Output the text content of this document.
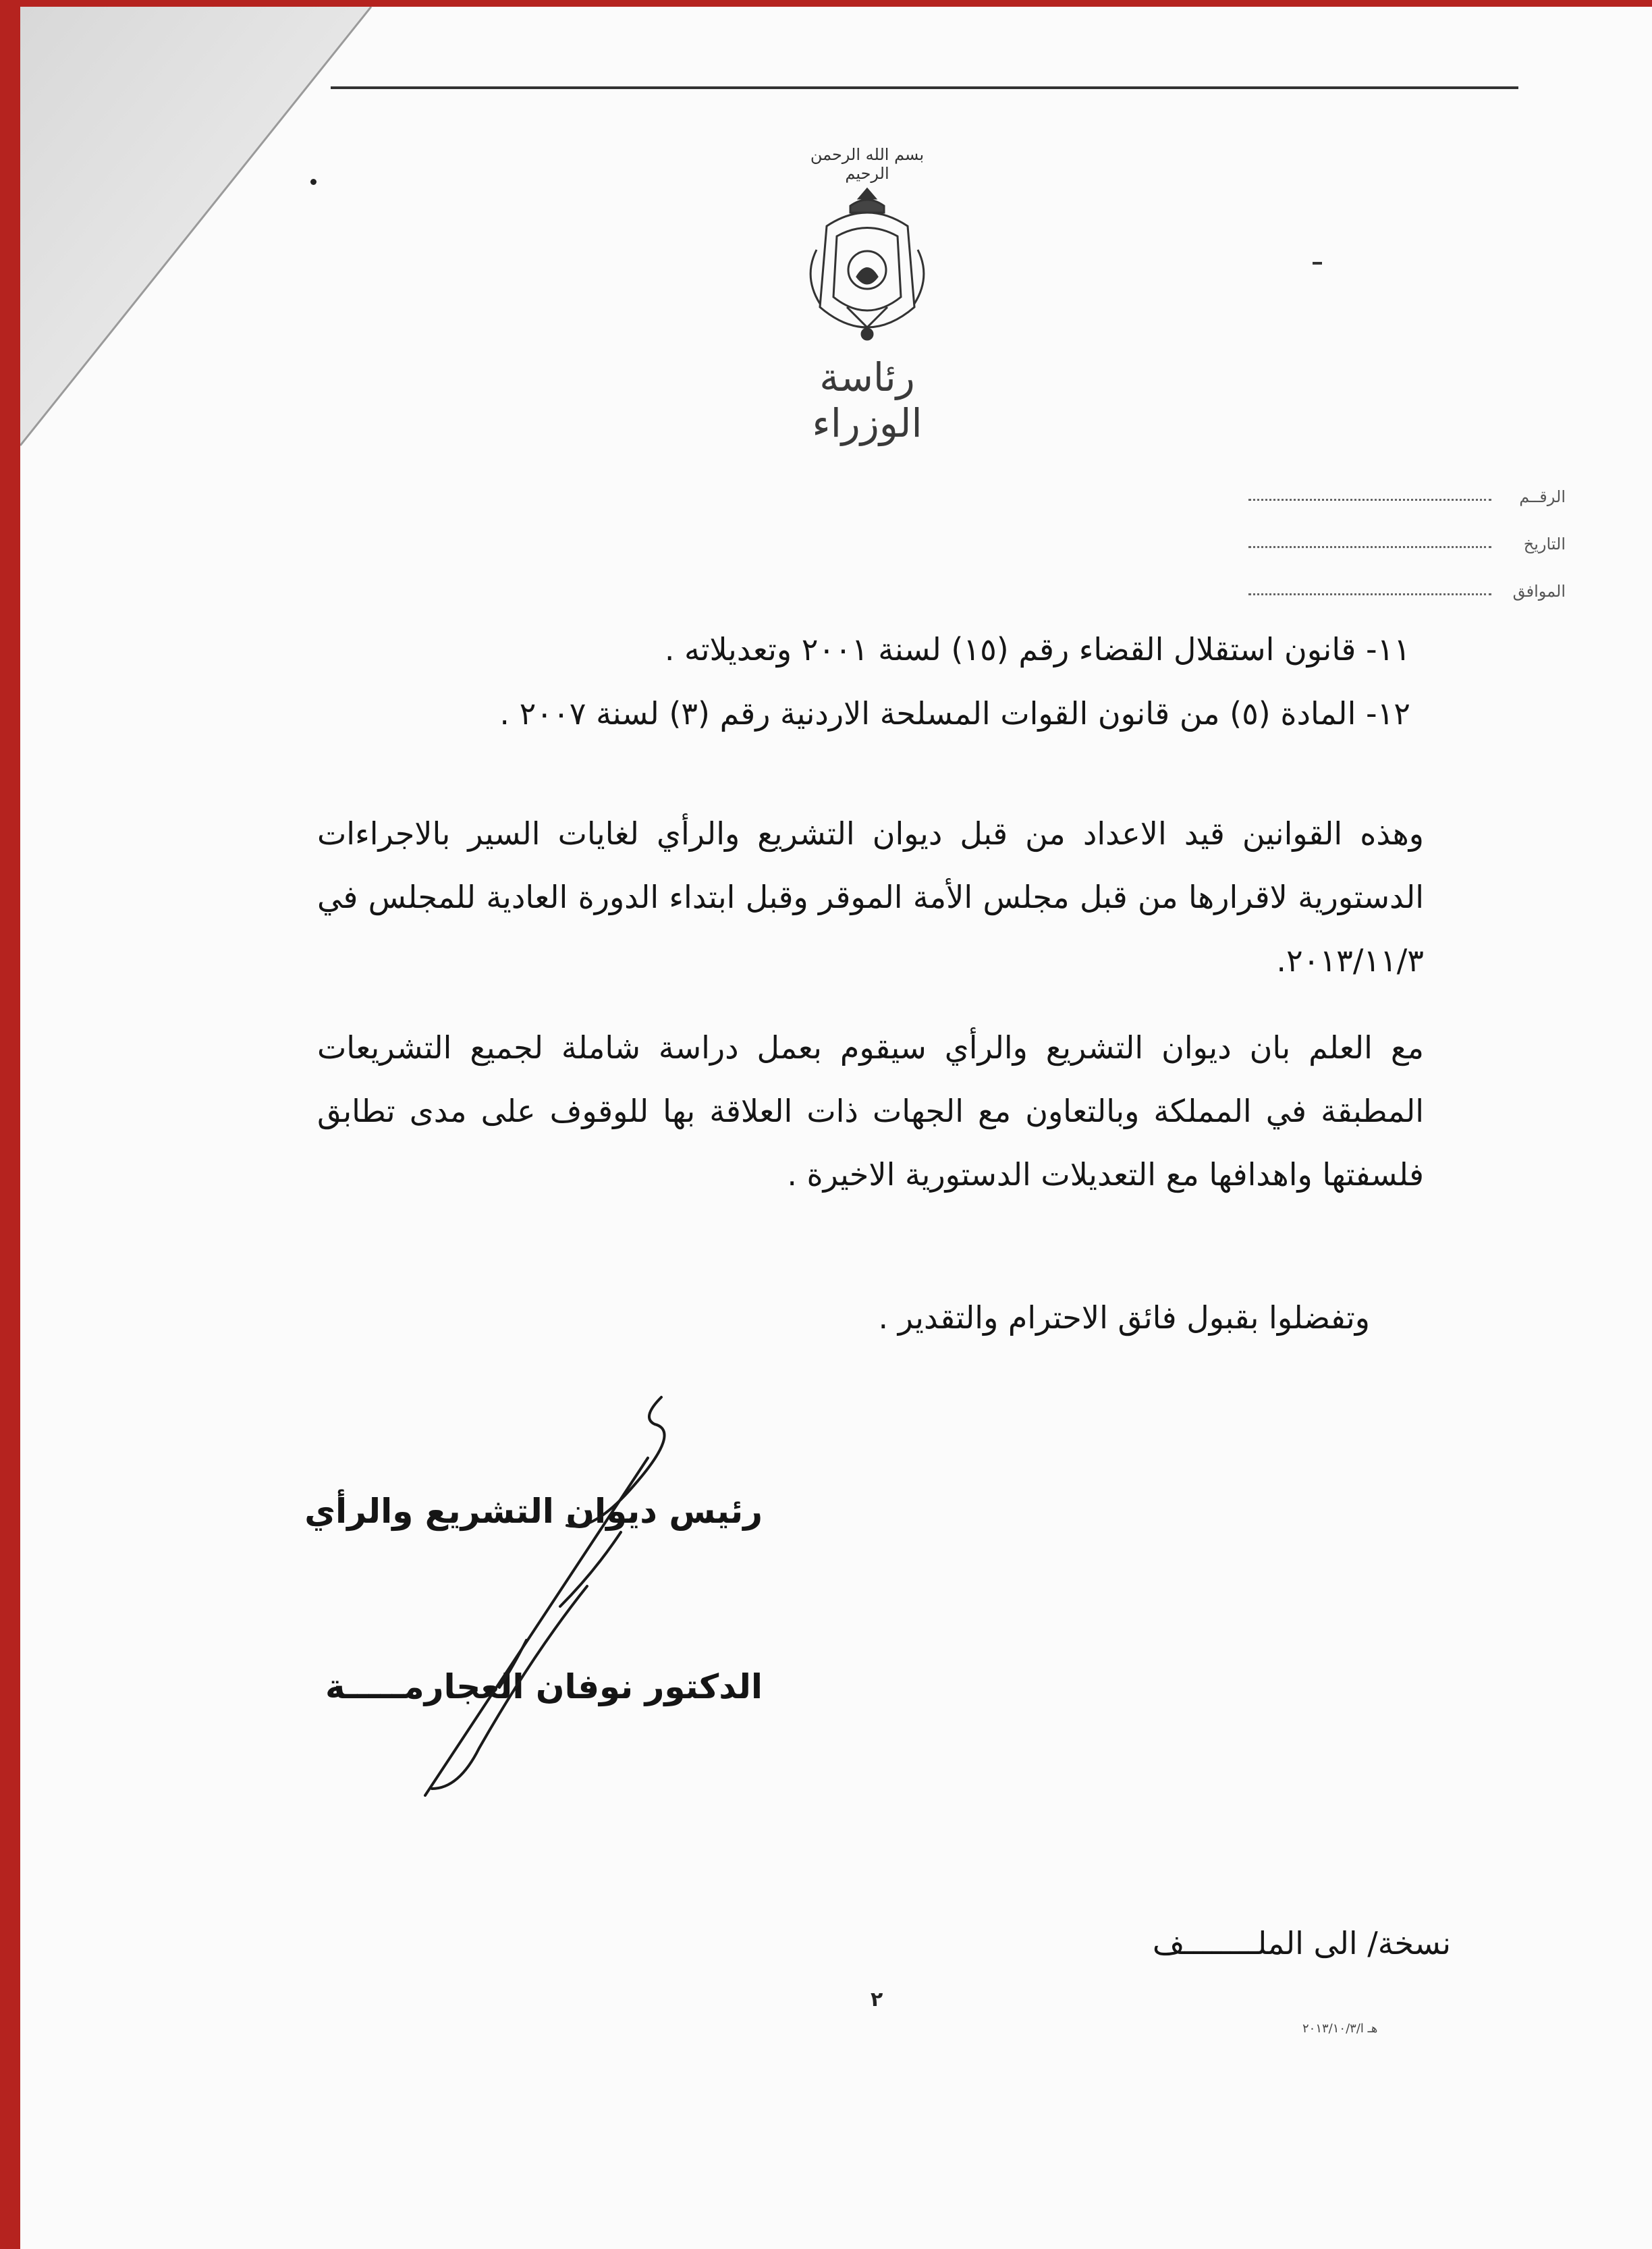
بسم الله الرحمن الرحيم
رئاسة الوزراء
الرقــم
التاريخ
الموافق
١١- قانون استقلال القضاء رقم (١٥) لسنة ٢٠٠١ وتعديلاته .
١٢- المادة (٥) من قانون القوات المسلحة الاردنية رقم (٣) لسنة ٢٠٠٧ .
وهذه القوانين قيد الاعداد من قبل ديوان التشريع والرأي لغايات السير بالاجراءات الدستورية لاقرارها من قبل مجلس الأمة الموقر وقبل ابتداء الدورة العادية للمجلس في ٢٠١٣/١١/٣.
مع العلم بان ديوان التشريع والرأي سيقوم بعمل دراسة شاملة لجميع التشريعات المطبقة في المملكة وبالتعاون مع الجهات ذات العلاقة بها للوقوف على مدى تطابق فلسفتها واهدافها مع التعديلات الدستورية الاخيرة .
وتفضلوا بقبول فائق الاحترام والتقدير .
رئيس ديوان التشريع والرأي
الدكتور نوفان العجارمـــــة
نسخة/ الى الملــــــــف
٢
هـ ا/٢٠١٣/١٠/٣
